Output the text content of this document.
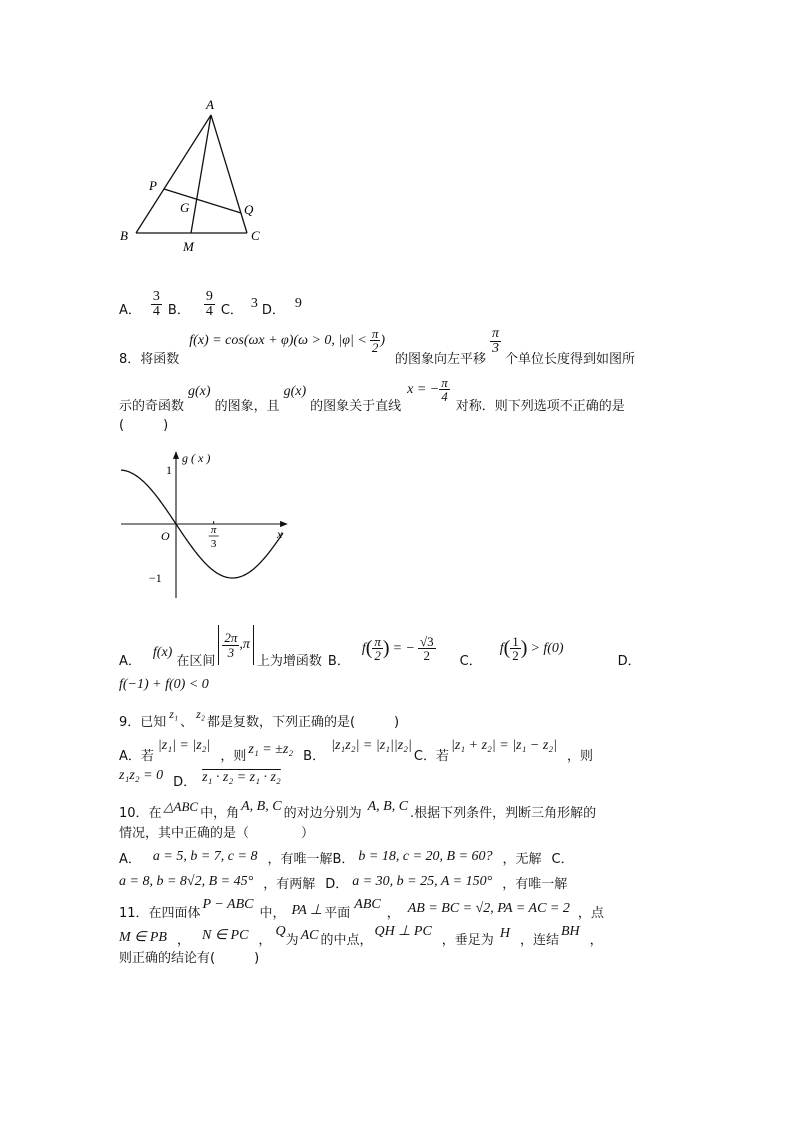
A
B	C
P
Q
G
M
A． $\frac{3}{4}$ B． $\frac{9}{4}$ C． 3 D． 9
8．将函数
f(x) = cos(ωx + φ)(ω > 0, $|\varphi| < \frac{\pi}{2}$ )
的图象向左平移
$\frac{\pi}{3}$
个单位长度得到如图所
示的奇函数
g(x)
的图象，且
g(x)
的图象关于直线
x = − $\frac{\pi}{4}$
对称．则下列选项不正确的是
(　　　)
g ( x )
1
−1
O	x
π
3
A．
f(x)
在区间
$\frac{2\pi}{3} ,\pi$
上为增函数 B．
f ( $\frac{\pi}{2}$ ) = − $\frac{√3}{2}$ C．
f ( $\frac{1}{2}$ ) > f(0)
D．
f(−1) + f(0) < 0
9．已知
z₁
、
z₂
都是复数，下列正确的是(　　　)
A．若
|z₁| = |z₂|
，则 z₁ = ±z₂ B．
|z₁z₂| = |z₁||z₂|
C．若
|z₁ + z₂| = |z₁ − z₂|
，则
z₁z₂ = 0 D． z₁ · z₂ = z₁ · z₂
10．在 △ABC 中，角 A, B, C 的对边分别为 A, B, C .根据下列条件，判断三角形解的
情况，其中正确的是（　　　　）
A． a = 5, b = 7, c = 8 ，有唯一解 B． b = 18, c = 20, B = 60? ，无解 C．
a = 8, b = 8√2, B = 45° ，有两解 D． a = 30, b = 25, A = 150° ，有唯一解
11．在四面体
P − ABC
中， PA ⊥ 平面
ABC
， AB = BC = √2, PA = AC = 2 ，点
M ∈ PB ， N ∈ PC ，
Q
为 AC 的中点，
QH ⊥ PC
，垂足为 H ，连结
BH
，
则正确的结论有(　　　)
